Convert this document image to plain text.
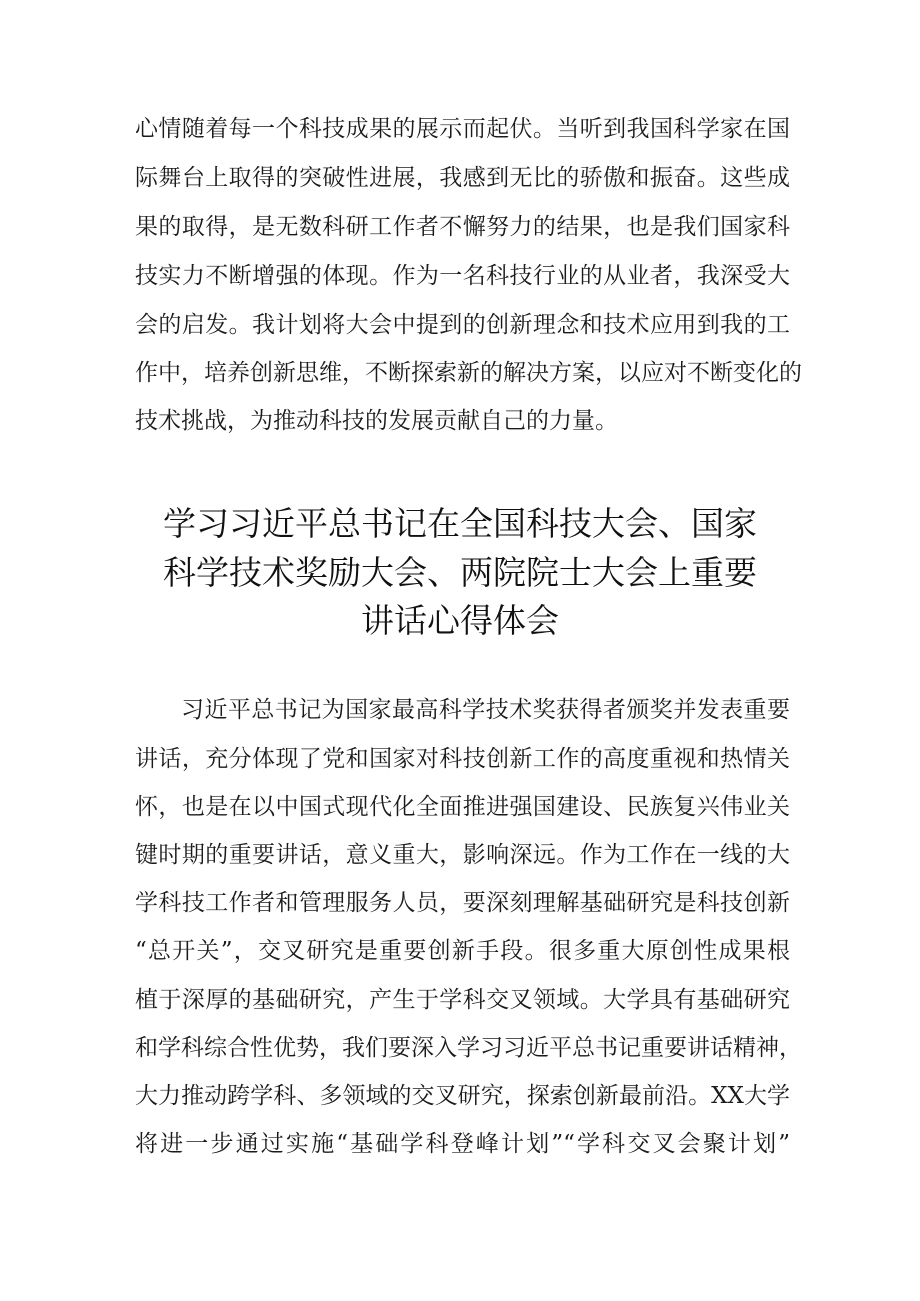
心情随着每一个科技成果的展示而起伏。当听到我国科学家在国
际舞台上取得的突破性进展，我感到无比的骄傲和振奋。这些成
果的取得，是无数科研工作者不懈努力的结果，也是我们国家科
技实力不断增强的体现。作为一名科技行业的从业者，我深受大
会的启发。我计划将大会中提到的创新理念和技术应用到我的工
作中，培养创新思维，不断探索新的解决方案，以应对不断变化的
技术挑战，为推动科技的发展贡献自己的力量。
学习习近平总书记在全国科技大会、国家
科学技术奖励大会、两院院士大会上重要
讲话心得体会
习近平总书记为国家最高科学技术奖获得者颁奖并发表重要
讲话，充分体现了党和国家对科技创新工作的高度重视和热情关
怀，也是在以中国式现代化全面推进强国建设、民族复兴伟业关
键时期的重要讲话，意义重大，影响深远。作为工作在一线的大
学科技工作者和管理服务人员，要深刻理解基础研究是科技创新
“总开关”，交叉研究是重要创新手段。很多重大原创性成果根
植于深厚的基础研究，产生于学科交叉领域。大学具有基础研究
和学科综合性优势，我们要深入学习习近平总书记重要讲话精神，
大力推动跨学科、多领域的交叉研究，探索创新最前沿。XX大学
将进一步通过实施“基础学科登峰计划”“学科交叉会聚计划”
